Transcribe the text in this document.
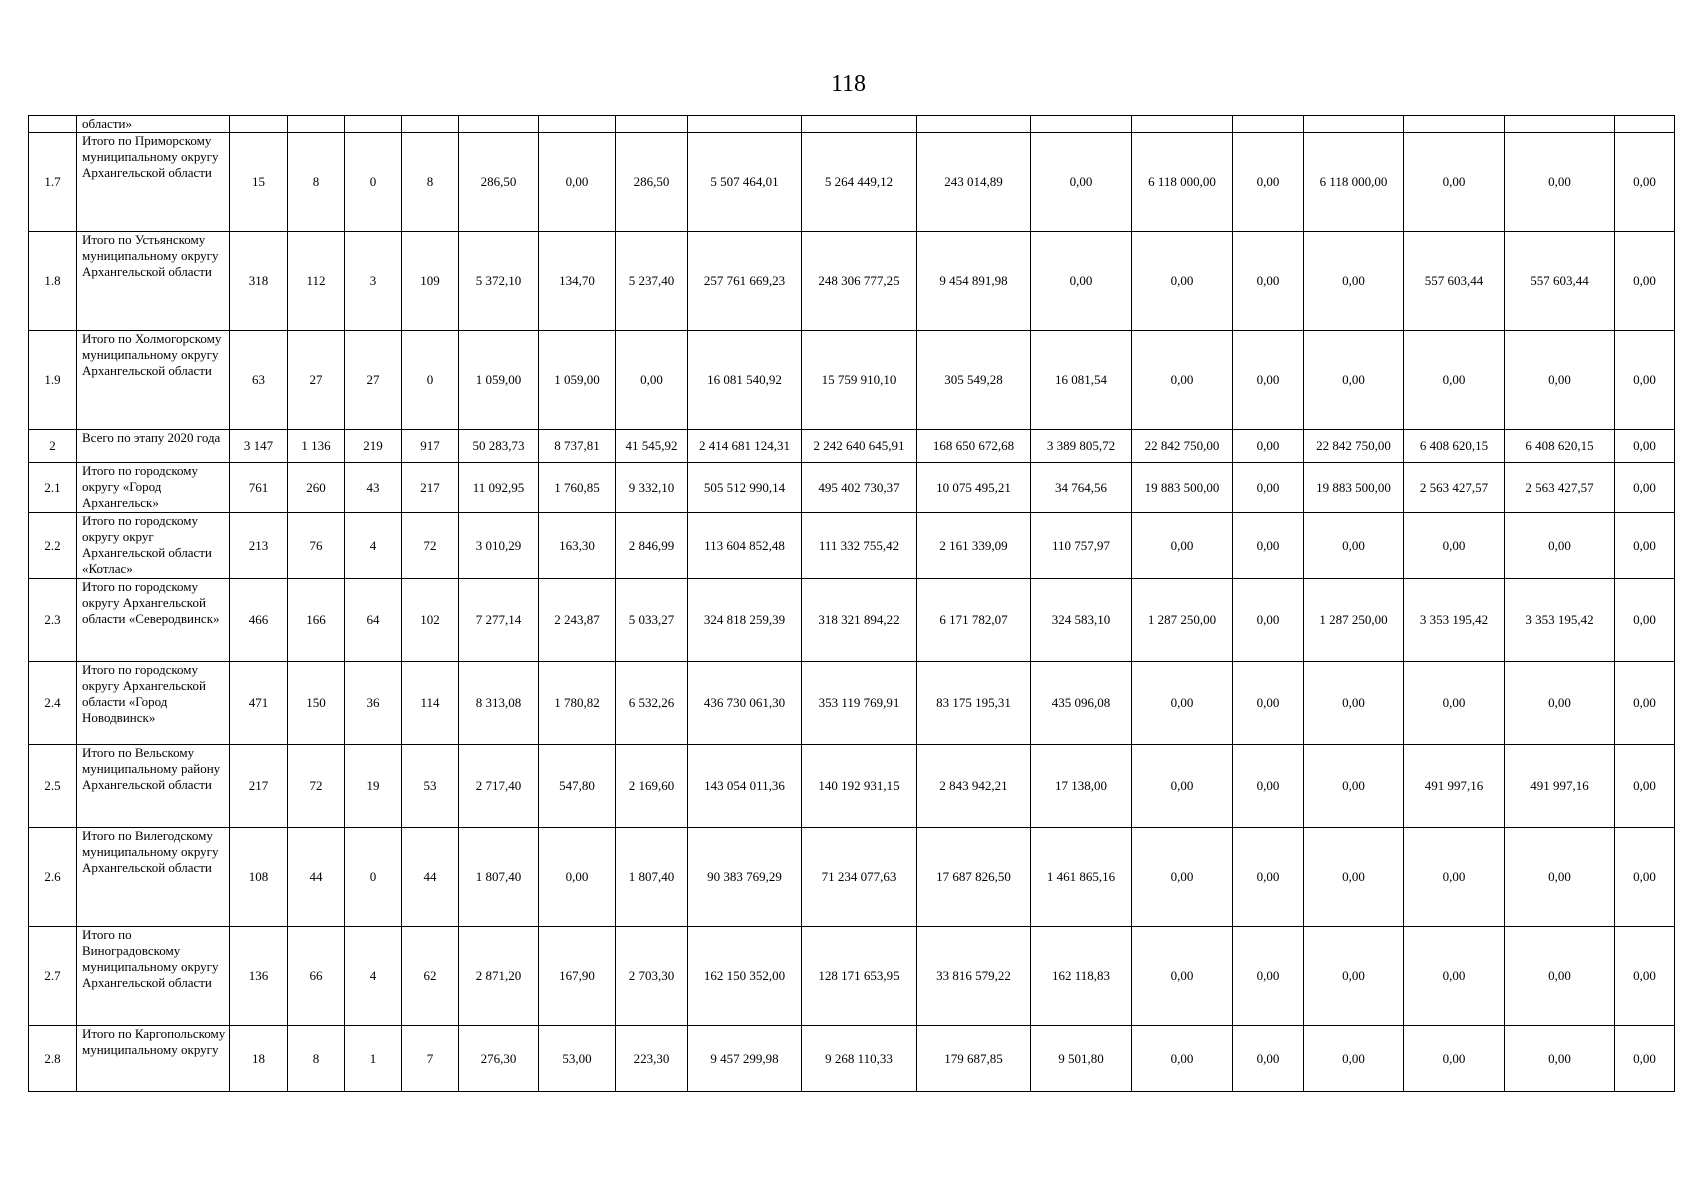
118
	области»																	
1.7	Итого по Приморскому муниципальному округу Архангельской области	15	8	0	8	286,50	0,00	286,50	5 507 464,01	5 264 449,12	243 014,89	0,00	6 118 000,00	0,00	6 118 000,00	0,00	0,00	0,00
1.8	Итого по Устьянскому муниципальному округу Архангельской области	318	112	3	109	5 372,10	134,70	5 237,40	257 761 669,23	248 306 777,25	9 454 891,98	0,00	0,00	0,00	0,00	557 603,44	557 603,44	0,00
1.9	Итого по Холмогорскому муниципальному округу Архангельской области	63	27	27	0	1 059,00	1 059,00	0,00	16 081 540,92	15 759 910,10	305 549,28	16 081,54	0,00	0,00	0,00	0,00	0,00	0,00
2	Всего по этапу 2020 года	3 147	1 136	219	917	50 283,73	8 737,81	41 545,92	2 414 681 124,31	2 242 640 645,91	168 650 672,68	3 389 805,72	22 842 750,00	0,00	22 842 750,00	6 408 620,15	6 408 620,15	0,00
2.1	Итого по городскому округу «Город Архангельск»	761	260	43	217	11 092,95	1 760,85	9 332,10	505 512 990,14	495 402 730,37	10 075 495,21	34 764,56	19 883 500,00	0,00	19 883 500,00	2 563 427,57	2 563 427,57	0,00
2.2	Итого по городскому округу округ Архангельской области «Котлас»	213	76	4	72	3 010,29	163,30	2 846,99	113 604 852,48	111 332 755,42	2 161 339,09	110 757,97	0,00	0,00	0,00	0,00	0,00	0,00
2.3	Итого по городскому округу Архангельской области «Северодвинск»	466	166	64	102	7 277,14	2 243,87	5 033,27	324 818 259,39	318 321 894,22	6 171 782,07	324 583,10	1 287 250,00	0,00	1 287 250,00	3 353 195,42	3 353 195,42	0,00
2.4	Итого по городскому округу Архангельской области «Город Новодвинск»	471	150	36	114	8 313,08	1 780,82	6 532,26	436 730 061,30	353 119 769,91	83 175 195,31	435 096,08	0,00	0,00	0,00	0,00	0,00	0,00
2.5	Итого по Вельскому муниципальному району Архангельской области	217	72	19	53	2 717,40	547,80	2 169,60	143 054 011,36	140 192 931,15	2 843 942,21	17 138,00	0,00	0,00	0,00	491 997,16	491 997,16	0,00
2.6	Итого по Вилегодскому муниципальному округу Архангельской области	108	44	0	44	1 807,40	0,00	1 807,40	90 383 769,29	71 234 077,63	17 687 826,50	1 461 865,16	0,00	0,00	0,00	0,00	0,00	0,00
2.7	Итого по Виноградовскому муниципальному округу Архангельской области	136	66	4	62	2 871,20	167,90	2 703,30	162 150 352,00	128 171 653,95	33 816 579,22	162 118,83	0,00	0,00	0,00	0,00	0,00	0,00
2.8	Итого по Каргопольскому муниципальному округу	18	8	1	7	276,30	53,00	223,30	9 457 299,98	9 268 110,33	179 687,85	9 501,80	0,00	0,00	0,00	0,00	0,00	0,00
